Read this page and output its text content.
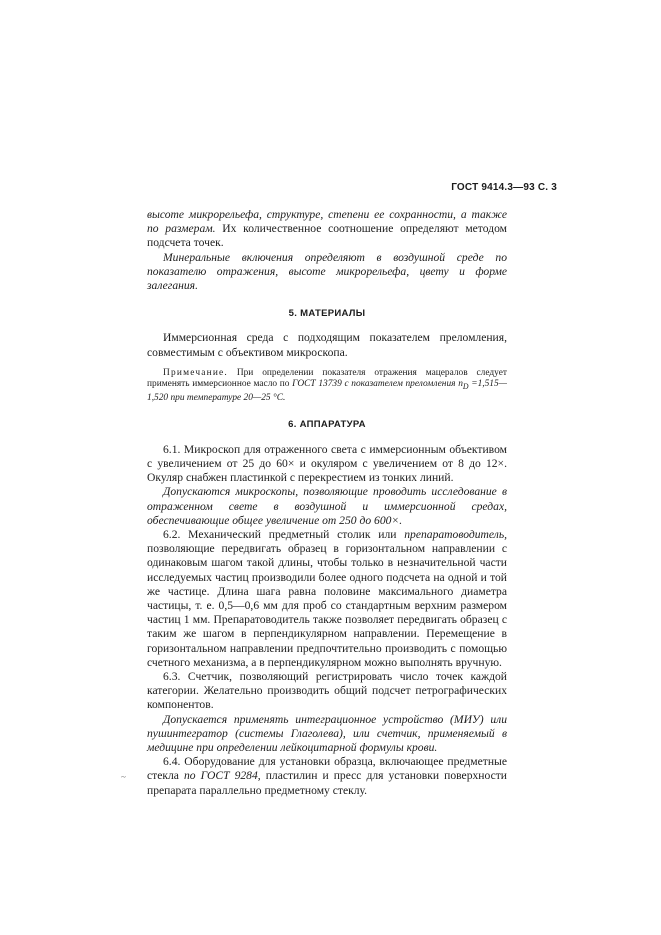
ГОСТ 9414.3—93 С. 3

высоте микрорельефа, структуре, степени ее сохранности, а также по размерам. Их количественное соотношение определяют методом подсчета точек.

Минеральные включения определяют в воздушной среде по показателю отражения, высоте микрорельефа, цвету и форме залегания.

5. МАТЕРИАЛЫ

Иммерсионная среда с подходящим показателем преломления, совместимым с объективом микроскопа.

Примечание. При определении показателя отражения мацералов следует применять иммерсионное масло по ГОСТ 13739 с показателем преломления $n_D$ =1,515—1,520 при температуре 20—25 °С.

6. АППАРАТУРА

6.1. Микроскоп для отраженного света с иммерсионным объективом с увеличением от 25 до 60× и окуляром с увеличением от 8 до 12×. Окуляр снабжен пластинкой с перекрестием из тонких линий.

Допускаются микроскопы, позволяющие проводить исследование в отраженном свете в воздушной и иммерсионной средах, обеспечивающие общее увеличение от 250 до 600×.

6.2. Механический предметный столик или препаратоводитель, позволяющие передвигать образец в горизонтальном направлении с одинаковым шагом такой длины, чтобы только в незначительной части исследуемых частиц производили более одного подсчета на одной и той же частице. Длина шага равна половине максимального диаметра частицы, т. е. 0,5—0,6 мм для проб со стандартным верхним размером частиц 1 мм. Препаратоводитель также позволяет передвигать образец с таким же шагом в перпендикулярном направлении. Перемещение в горизонтальном направлении предпочтительно производить с помощью счетного механизма, а в перпендикулярном можно выполнять вручную.

6.3. Счетчик, позволяющий регистрировать число точек каждой категории. Желательно производить общий подсчет петрографических компонентов.

Допускается применять интеграционное устройство (МИУ) или пушинтегратор (системы Глаголева), или счетчик, применяемый в медицине при определении лейкоцитарной формулы крови.

6.4. Оборудование для установки образца, включающее предметные стекла по ГОСТ 9284, пластилин и пресс для установки поверхности препарата параллельно предметному стеклу.

~
